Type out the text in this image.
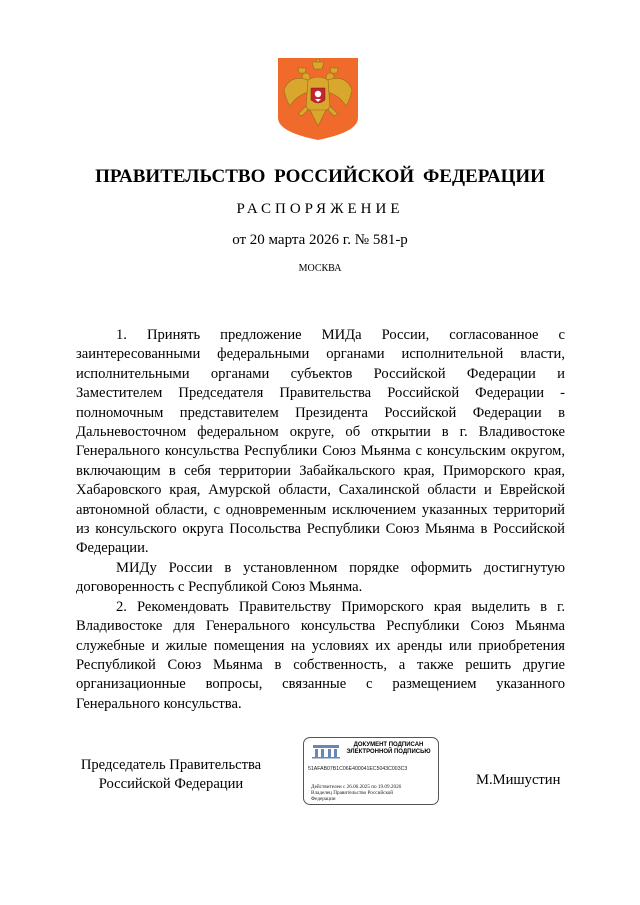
ПРАВИТЕЛЬСТВО РОССИЙСКОЙ ФЕДЕРАЦИИ
РАСПОРЯЖЕНИЕ
от 20 марта 2026 г. № 581-р
МОСКВА

1. Принять предложение МИДа России, согласованное с заинтересованными федеральными органами исполнительной власти, исполнительными органами субъектов Российской Федерации и Заместителем Председателя Правительства Российской Федерации - полномочным представителем Президента Российской Федерации в Дальневосточном федеральном округе, об открытии в г. Владивостоке Генерального консульства Республики Союз Мьянма с консульским округом, включающим в себя территории Забайкальского края, Приморского края, Хабаровского края, Амурской области, Сахалинской области и Еврейской автономной области, с одновременным исключением указанных территорий из консульского округа Посольства Республики Союз Мьянма в Российской Федерации.

МИДу России в установленном порядке оформить достигнутую договоренность с Республикой Союз Мьянма.

2. Рекомендовать Правительству Приморского края выделить в г. Владивостоке для Генерального консульства Республики Союз Мьянма служебные и жилые помещения на условиях их аренды или приобретения Республикой Союз Мьянма в собственность, а также решить другие организационные вопросы, связанные с размещением указанного Генерального консульства.

Председатель Правительства
Российской Федерации
ДОКУМЕНТ ПОДПИСАН
ЭЛЕКТРОННОЙ ПОДПИСЬЮ
51AFAB07B1C06E400041EC5043C003C3
Действителен с 26.06.2025 по 19.09.2026
Владелец Правительство Российской
Федерации
М.Мишустин
